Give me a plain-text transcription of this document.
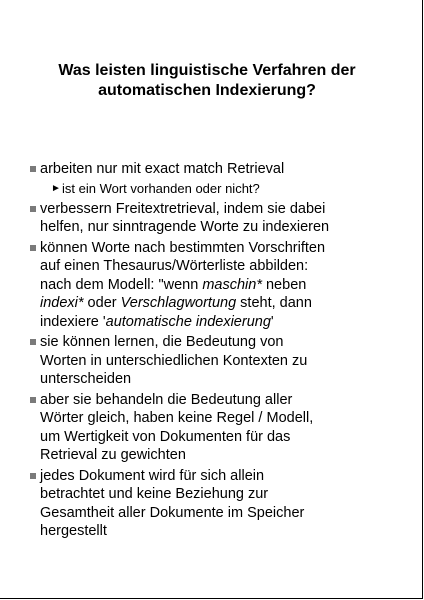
Was leisten linguistische Verfahren der
automatischen Indexierung?
arbeiten nur mit exact match Retrieval
► ist ein Wort vorhanden oder nicht?
verbessern Freitextretrieval, indem sie dabei
helfen, nur sinntragende Worte zu indexieren
können Worte nach bestimmten Vorschriften
auf einen Thesaurus/Wörterliste abbilden:
nach dem Modell: "wenn maschin* neben
indexi* oder Verschlagwortung steht, dann
indexiere 'automatische indexierung'
sie können lernen, die Bedeutung von
Worten in unterschiedlichen Kontexten zu
unterscheiden
aber sie behandeln die Bedeutung aller
Wörter gleich, haben keine Regel / Modell,
um Wertigkeit von Dokumenten für das
Retrieval zu gewichten
jedes Dokument wird für sich allein
betrachtet und keine Beziehung zur
Gesamtheit aller Dokumente im Speicher
hergestellt
